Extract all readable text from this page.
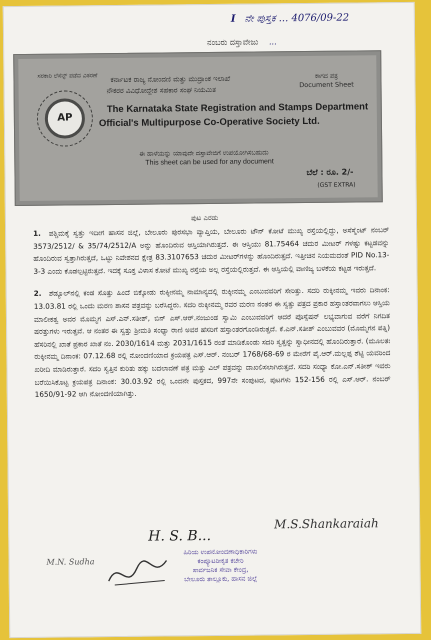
I ನೇ ಪುಸ್ತಕ ... 4076/09-22
ನಂಬರು ದಸ್ತಾವೇಜು ...
ಸರಕಾರಿ ಲೆಸೆನ್ಸ್ ಪಡೆದ ವಿತರಣೆ	ಕಾಗದ ಪತ್ರ
Document Sheet
AP
ಕರ್ನಾಟಕ ರಾಜ್ಯ ನೋಂದಣಿ ಮತ್ತು ಮುದ್ರಾಂಕ ಇಲಾಖೆ
ನೌಕರರ ವಿವಿಧೋದ್ದೇಶ ಸಹಕಾರ ಸಂಘ ನಿಯಮಿತ
The Karnataka State Registration and Stamps Department
Official's Multipurpose Co-Operative Society Ltd.
ಈ ಹಾಳೆಯನ್ನು ಯಾವುದೇ ದಸ್ತಾವೇಜಿಗೆ ಉಪಯೋಗಿಸಬಹುದು
This sheet can be used for any document
ಬೆಲೆ : ರೂ. 2/-
(GST EXTRA)
ಪುಟ ಎರಡು

1. ಪಶ್ಚಿಮಕ್ಕೆ ಸ್ವತ್ತು ಇದೀಗ ಹಾಸನ ಜಿಲ್ಲೆ, ಬೇಲೂರು ಪುರಸಭಾ ವ್ಯಾಪ್ತಿಯ, ಬೇಲೂರು ಟೌನ್ ಕೋಟೆ ಮುಖ್ಯ ರಸ್ತೆಯಲ್ಲಿದ್ದು, ಅಸೆಸ್ಮೆಂಟ್ ನಂಬರ್ 3573/2512/ & 35/74/2512/A ಅನ್ನು ಹೊಂದಿರುವ ಆಸ್ತಿಯಾಗಿರುತ್ತದೆ. ಈ ಆಸ್ತಿಯು 81.75464 ಚದುರ ಮೀಟರ್ ಗಳಷ್ಟು ಕಟ್ಟಡವನ್ನು ಹೊಂದಿರುವ ಸ್ವತ್ತಾಗಿರುತ್ತದೆ, ಒಟ್ಟು ನಿವೇಶನದ ಕ್ಷೇತ್ರ 83.3107653 ಚದುರ ಮೀಟರ್‌ಗಳನ್ನು ಹೊಂದಿರುತ್ತದೆ. ಇತ್ತೀಚಿನ ನಿಯಮದಂತೆ PID No.13-3-3 ಎಂದು ಕೊಡಲ್ಪಟ್ಟಿರುತ್ತದೆ. ಇದಕ್ಕೆ ಸೂಕ್ತ ವಿಳಾಸ ಕೋಟೆ ಮುಖ್ಯ ರಸ್ತೆಯ ಅಲ್ಲ ರಸ್ತೆಯಲ್ಲಿರುತ್ತದೆ. ಈ ಆಸ್ತಿಯಲ್ಲಿ ವಾಣಿಜ್ಯ ಬಳಕೆಯ ಕಟ್ಟಡ ಇರುತ್ತದೆ.

2. ಶೆಡ್ಯೂಲ್‌ನಲ್ಲಿ ಕಂಡ ಸೊತ್ತು ಹಿಂದೆ ಬಿಕ್ಕೋಡು ರುಕ್ಕೀನಮ್ಮ ನಾಮಾನ್ಯದಲ್ಲಿ ರುಕ್ಕೀನಮ್ಮ ಎಂಬುವವರಿಗೆ ಸೇರಿತ್ತು. ಸದರಿ ರುಕ್ಕೀನಮ್ಮ ಇವರು ದಿನಾಂಕ: 13.03.81 ರಲ್ಲಿ ಒಂದು ಮರಣ ಶಾಸನ ಪತ್ರವನ್ನು ಬರೆಸಿದ್ದರು. ಸದರಿ ರುಕ್ಕೀನಮ್ಮ ರವರ ಮರಣ ನಂತರ ಈ ಸ್ವತ್ತು ಪತ್ರದ ಪ್ರಕಾರ ಹಸ್ತಾಂತರವಾಗಲು ಆಸ್ತಿಯ ಮಾಲೀಕತ್ವ ಅವರ ಮೊಮ್ಮಗ ಎಸ್.ಎನ್.ಸತೀಶ್, ಬಿನ್ ಎಸ್.ಆರ್.ನಂಜುಂಡ ಸ್ವಾಮಿ ಎಂಬುವವರಿಗೆ ಆದರೆ ಪೊಸ್ಸೆಷನ್ ಲಭ್ಯವಾಗುವ ವರೆಗೆ ನಿಗದಿತ ಷರತ್ತುಗಳು ಇರುತ್ತವೆ. ಆ ನಂತರ ಈ ಸ್ವತ್ತು ಶ್ರೀಮತಿ ಸಂಧ್ಯಾ ರಾಣಿ ಅವರ ಹೆಸರಿಗೆ ಹಸ್ತಾಂತರಗೊಂಡಿರುತ್ತದೆ. ಕೆ.ಎನ್.ಸತೀಶ್ ಎಂಬುವವರ (ಮೊಮ್ಮಗನ ಪತ್ನಿ) ಹೆಸರಿನಲ್ಲಿ ಖಾತೆ ಪ್ರಕಾರ ಖಾತೆ ನಂ. 2030/1614 ಮತ್ತು 2031/1615 ರಂತೆ ಮಾಡಿಕೊಂಡು ಸದರಿ ಸ್ವತ್ತನ್ನು ಸ್ವಾಧೀನದಲ್ಲಿ ಹೊಂದಿರುತ್ತಾರೆ. (ಮೂಲತಃ ರುಕ್ಕೀನಮ್ಮ ದಿನಾಂಕ: 07.12.68 ರಲ್ಲಿ ನೋಂದಣಿಯಾದ ಕ್ರಯಪತ್ರ ಎಸ್.ಆರ್. ನಂಬರ್ 1768/68-69 ರ ಮೇರೆಗೆ ಪೈ.ಆರ್.ಮಲ್ಲಪ್ಪ ಶೆಟ್ಟಿ ಯವರಿಂದ ಖರೀದಿ ಮಾಡಿರುತ್ತಾರೆ. ಸದರಿ ಸ್ವತ್ತಿನ ಕುರಿತು ಹಕ್ಕು ಬದಲಾವಣೆ ಪತ್ರ ಮತ್ತು ವಿಲ್ ಪತ್ರವನ್ನು ದಾಖಲಿಸಲಾಗಿರುತ್ತದೆ. ಸದರಿ ಸಂಧ್ಯಾ ಕೋ.ಎನ್.ಸತೀಶ್ ಇವರು ಬರೆಯಿಸಿಕೊಟ್ಟ ಕ್ರಯಪತ್ರ ದಿನಾಂಕ: 30.03.92 ರಲ್ಲಿ ಒಂದನೇ ಪುಸ್ತಕದ, 997ನೇ ಸಂಪುಟದ, ಪುಟಗಳು 152-156 ರಲ್ಲಿ ಎಸ್.ಆರ್. ನಂಬರ್ 1650/91-92 ಆಗಿ ನೋಂದಣಿಯಾಗಿತ್ತು.

M.S.Shankaraiah
M.N. Sudha
H. S. B...
ಹಿರಿಯ ಉಪನೋಂದಣಾಧಿಕಾರಿಗಳು
ಕಂಪ್ಯೂಟರೀಕೃತ ಕಚೇರಿ
ಸಾರ್ವಜನಿಕ ಸೇವಾ ಕೇಂದ್ರ,
ಬೇಲೂರು ತಾಲ್ಲೂಕು, ಹಾಸನ ಜಿಲ್ಲೆ
